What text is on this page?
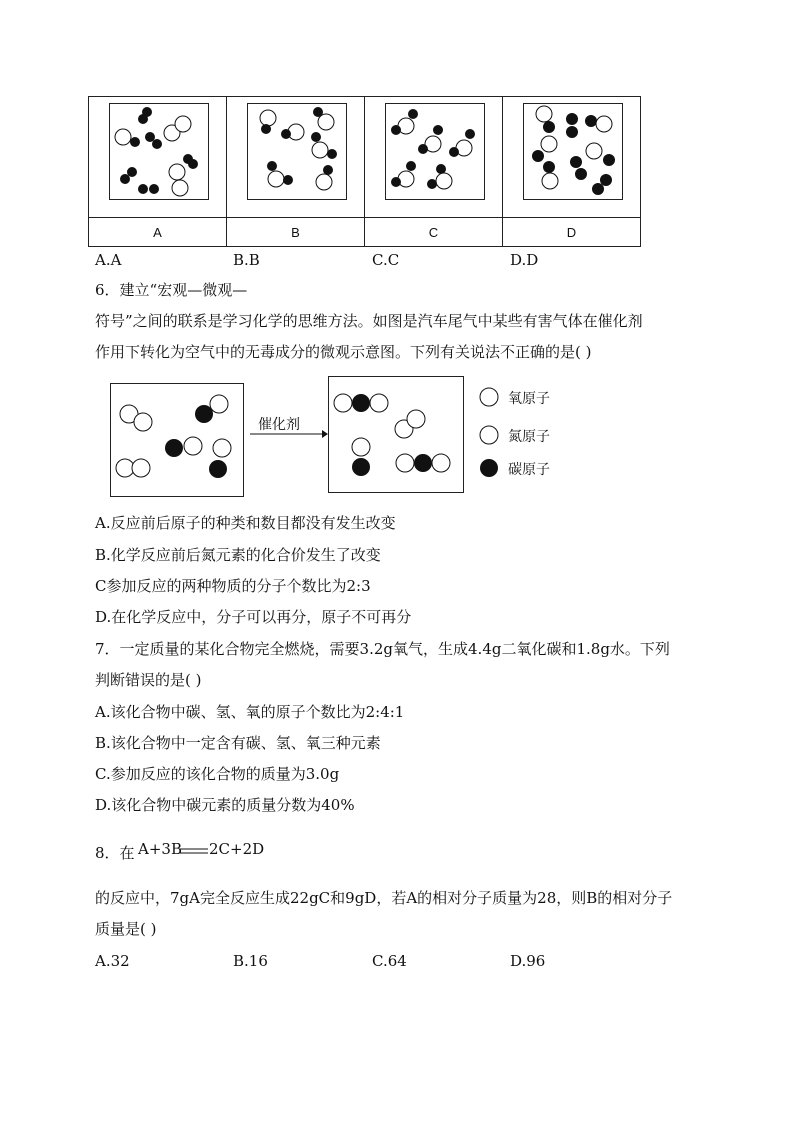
A	B	C	D
A.A	B.B	C.C	D.D
6．建立“宏观—微观—
符号”之间的联系是学习化学的思维方法。如图是汽车尾气中某些有害气体在催化剂
作用下转化为空气中的无毒成分的微观示意图。下列有关说法不正确的是( )
催化剂
氧原子
氮原子
碳原子
A.反应前后原子的种类和数目都没有发生改变
B.化学反应前后氮元素的化合价发生了改变
C参加反应的两种物质的分子个数比为2:3
D.在化学反应中，分子可以再分，原子不可再分
7．一定质量的某化合物完全燃烧，需要3.2g氧气，生成4.4g二氧化碳和1.8g水。下列
判断错误的是( )
A.该化合物中碳、氢、氧的原子个数比为2:4:1
B.该化合物中一定含有碳、氢、氧三种元素
C.参加反应的该化合物的质量为3.0g
D.该化合物中碳元素的质量分数为40%
8．在 A+3B 2C+2D
的反应中，7gA完全反应生成22gC和9gD，若A的相对分子质量为28，则B的相对分子
质量是( )
A.32	B.16	C.64	D.96
